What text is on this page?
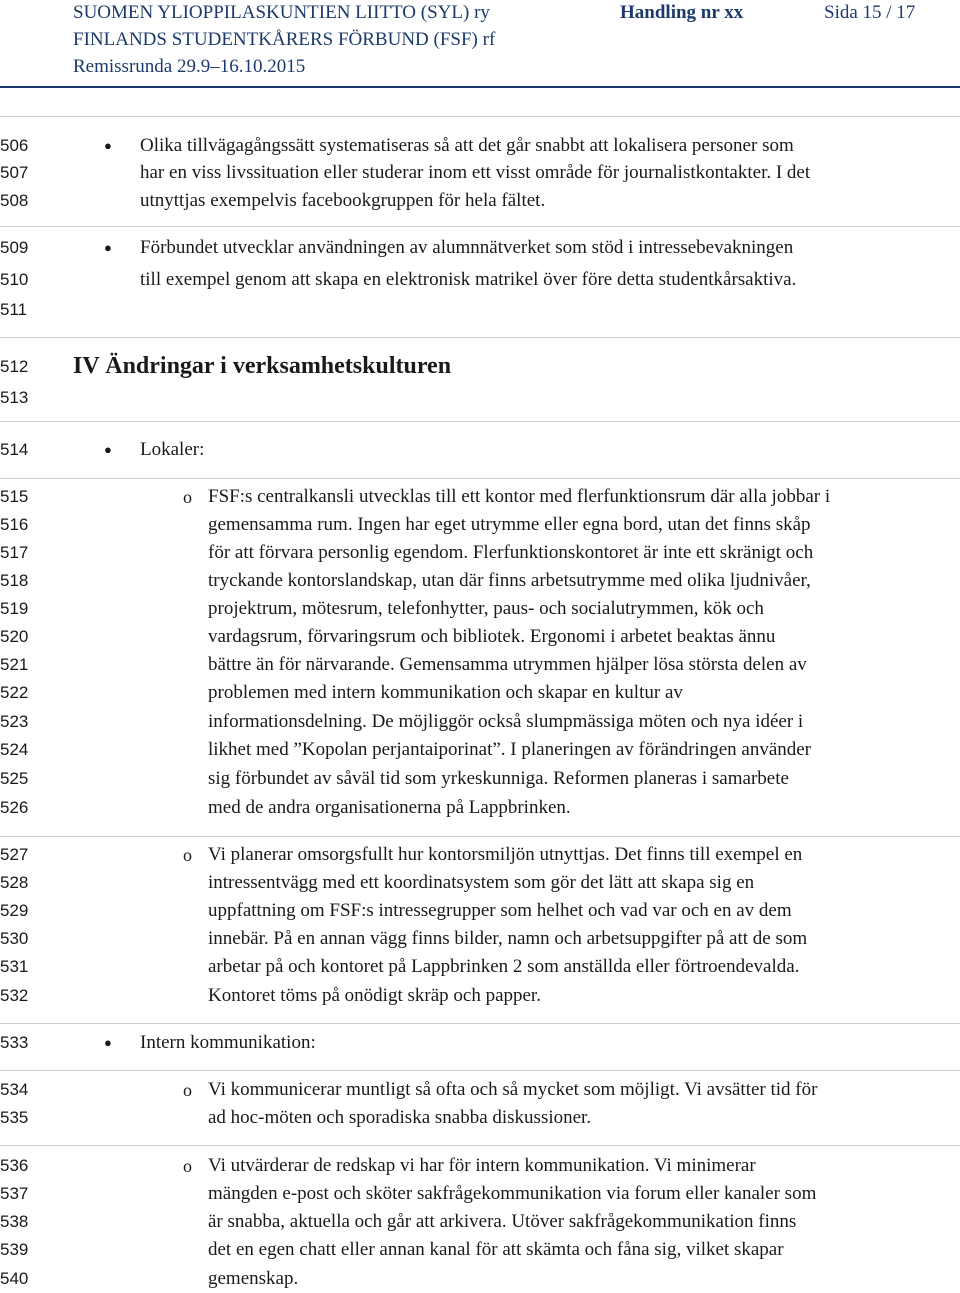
SUOMEN YLIOPPILASKUNTIEN LIITTO (SYL) ry
FINLANDS STUDENTKÅRERS FÖRBUND (FSF) rf
Remissrunda 29.9–16.10.2015
Handling nr xx	Sida 15 / 17
506
507
508
509
510
511
512
513
514
515
516
517
518
519
520
521
522
523
524
525
526
527
528
529
530
531
532
533
534
535
536
537
538
539
540
● Olika tillvägagångssätt systematiseras så att det går snabbt att lokalisera personer som
har en viss livssituation eller studerar inom ett visst område för journalistkontakter. I det
utnyttjas exempelvis facebookgruppen för hela fältet.
● Förbundet utvecklar användningen av alumnnätverket som stöd i intressebevakningen
till exempel genom att skapa en elektronisk matrikel över före detta studentkårsaktiva.
IV Ändringar i verksamhetskulturen
● Lokaler:
o FSF:s centralkansli utvecklas till ett kontor med flerfunktionsrum där alla jobbar i
gemensamma rum. Ingen har eget utrymme eller egna bord, utan det finns skåp
för att förvara personlig egendom. Flerfunktionskontoret är inte ett skränigt och
tryckande kontorslandskap, utan där finns arbetsutrymme med olika ljudnivåer,
projektrum, mötesrum, telefonhytter, paus- och socialutrymmen, kök och
vardagsrum, förvaringsrum och bibliotek. Ergonomi i arbetet beaktas ännu
bättre än för närvarande. Gemensamma utrymmen hjälper lösa största delen av
problemen med intern kommunikation och skapar en kultur av
informationsdelning. De möjliggör också slumpmässiga möten och nya idéer i
likhet med ”Kopolan perjantaiporinat”. I planeringen av förändringen använder
sig förbundet av såväl tid som yrkeskunniga. Reformen planeras i samarbete
med de andra organisationerna på Lappbrinken.
o Vi planerar omsorgsfullt hur kontorsmiljön utnyttjas. Det finns till exempel en
intressentvägg med ett koordinatsystem som gör det lätt att skapa sig en
uppfattning om FSF:s intressegrupper som helhet och vad var och en av dem
innebär. På en annan vägg finns bilder, namn och arbetsuppgifter på att de som
arbetar på och kontoret på Lappbrinken 2 som anställda eller förtroendevalda.
Kontoret töms på onödigt skräp och papper.
● Intern kommunikation:
o Vi kommunicerar muntligt så ofta och så mycket som möjligt. Vi avsätter tid för
ad hoc-möten och sporadiska snabba diskussioner.
o Vi utvärderar de redskap vi har för intern kommunikation. Vi minimerar
mängden e-post och sköter sakfrågekommunikation via forum eller kanaler som
är snabba, aktuella och går att arkivera. Utöver sakfrågekommunikation finns
det en egen chatt eller annan kanal för att skämta och fåna sig, vilket skapar
gemenskap.
